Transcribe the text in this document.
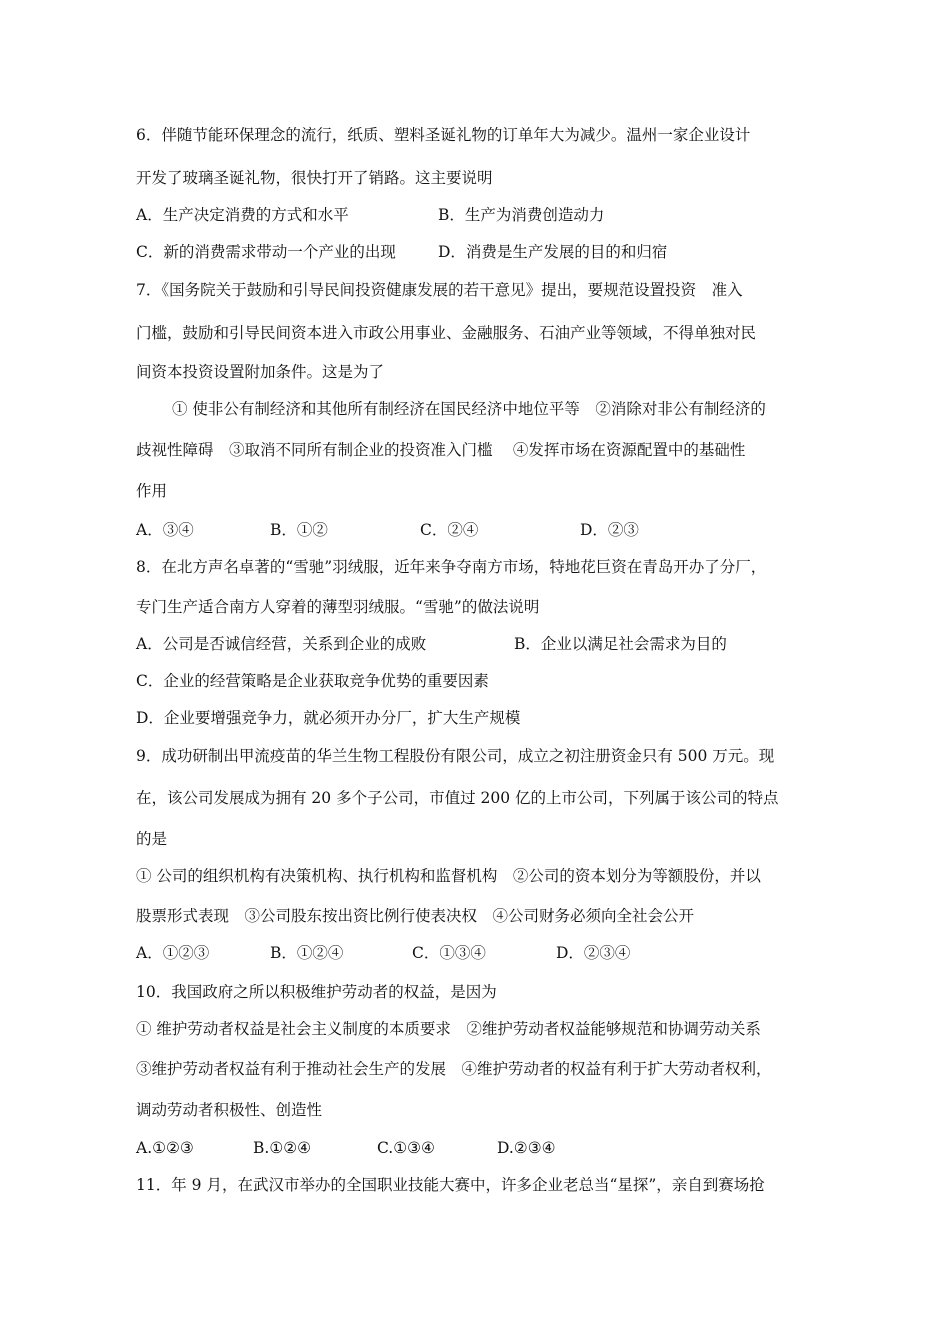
6．伴随节能环保理念的流行，纸质、塑料圣诞礼物的订单年大为减少。温州一家企业设计
开发了玻璃圣诞礼物，很快打开了销路。这主要说明
A．生产决定消费的方式和水平	B．生产为消费创造动力
C．新的消费需求带动一个产业的出现	D．消费是生产发展的目的和归宿
7．《国务院关于鼓励和引导民间投资健康发展的若干意见》提出，要规范设置投资　准入
门槛，鼓励和引导民间资本进入市政公用事业、金融服务、石油产业等领域，不得单独对民
间资本投资设置附加条件。这是为了
① 使非公有制经济和其他所有制经济在国民经济中地位平等　②消除对非公有制经济的
歧视性障碍　③取消不同所有制企业的投资准入门槛　 ④发挥市场在资源配置中的基础性
作用
A．③④	B．①②	C．②④	D．②③
8．在北方声名卓著的“雪驰”羽绒服，近年来争夺南方市场，特地花巨资在青岛开办了分厂，
专门生产适合南方人穿着的薄型羽绒服。“雪驰”的做法说明
A．公司是否诚信经营，关系到企业的成败	B．企业以满足社会需求为目的
C．企业的经营策略是企业获取竞争优势的重要因素
D．企业要增强竞争力，就必须开办分厂，扩大生产规模
9．成功研制出甲流疫苗的华兰生物工程股份有限公司，成立之初注册资金只有 500 万元。现
在，该公司发展成为拥有 20 多个子公司，市值过 200 亿的上市公司，下列属于该公司的特点
的是
① 公司的组织机构有决策机构、执行机构和监督机构　②公司的资本划分为等额股份，并以
股票形式表现　③公司股东按出资比例行使表决权　④公司财务必须向全社会公开
A．①②③	B．①②④	C．①③④	D．②③④
10．我国政府之所以积极维护劳动者的权益，是因为
① 维护劳动者权益是社会主义制度的本质要求　②维护劳动者权益能够规范和协调劳动关系
③维护劳动者权益有利于推动社会生产的发展　④维护劳动者的权益有利于扩大劳动者权利，
调动劳动者积极性、创造性
A.①②③	B.①②④	C.①③④	D.②③④
11．年 9 月，在武汉市举办的全国职业技能大赛中，许多企业老总当“星探”，亲自到赛场抢
